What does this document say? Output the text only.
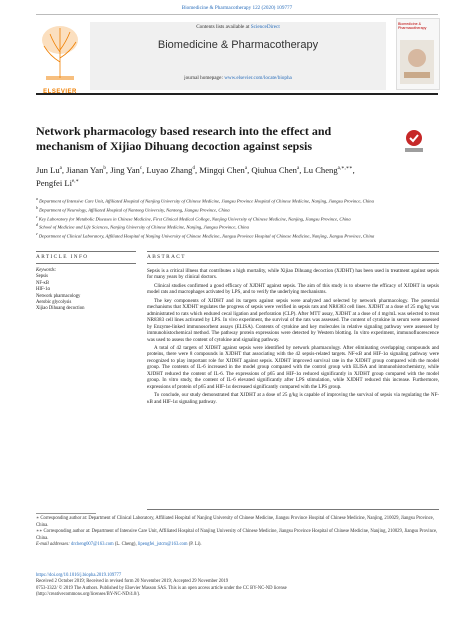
Biomedicine & Pharmacotherapy 122 (2020) 109777
ELSEVIER
Contents lists available at ScienceDirect
Biomedicine & Pharmacotherapy
journal homepage: www.elsevier.com/locate/biopha
Biomedicine & Pharmacotherapy
Network pharmacology based research into the effect and mechanism of Xijiao Dihuang decoction against sepsis
Jun Lu$^a$, Jianan Yan$^b$, Jing Yan$^c$, Luyao Zhang$^d$, Mingqi Chen$^a$, Qiuhua Chen$^a$, Lu Cheng$^{a,∗,∗∗}$,
Pengfei $Li^{e,∗}$

$^a$ Department of Intensive Care Unit, Affiliated Hospital of Nanjing University of Chinese Medicine, Jiangsu Province Hospital of Chinese Medicine, Nanjing, Jiangsu Province, China

$^b$ Department of Neurology, Affiliated Hospital of Nantong University, Nantong, Jiangsu Province, China

$^c$ Key Laboratory for Metabolic Diseases in Chinese Medicine, First Clinical Medical College, Nanjing University of Chinese Medicine, Nanjing, Jiangsu Province, China

$^d$ School of Medicine and Life Sciences, Nanjing University of Chinese Medicine, Nanjing, Jiangsu Province, China

$^e$ Department of Clinical Laboratory, Affiliated Hospital of Nanjing University of Chinese Medicine, Jiangsu Province Hospital of Chinese Medicine, Nanjing, Jiangsu Province, China

ARTICLE INFO	ABSTRACT
Keywords:
Sepsis
NF-κB
HIF-1α
Network pharmacology
Aerobic glycolysis
Xijiao Dihuang decoction

Sepsis is a critical illness that contributes a high mortality, while Xijiao Dihuang decoction (XJDHT) has been used in treatment against sepsis for many years by clinical doctors.

Clinical studies confirmed a good efficacy of XJDHT against sepsis. The aim of this study is to observe the efficacy of XJDHT in sepsis model rats and macrophages activated by LPS, and to verify the underlying mechanisms.

The key components of XJDHT and its targets against sepsis were analyzed and selected by network pharmacology. The potential mechanisms that XJDHT regulates the progress of sepsis were verified in sepsis rats and NR8383 cell lines. XJDHT at a dose of 25 mg/kg was administrated to rats which endured cecal ligation and perforation (CLP). After MTT assay, XJDHT at a dose of 4 mg/mL was selected to treat NR8383 cell lines activated by LPS. In vivo experiment, the survival of the rats was assessed. The content of cytokine in serum were assessed by Enzyme-linked immunosorbent assays (ELISA). Contents of cytokine and key molecules in relative signaling pathway were assessed by immunohistochemical method. The pathway protein expressions were detected by Western blotting. In vitro experiment, immunofluorescence was used to assess the content of cytokine and signaling pathway.

A total of 42 targets of XJDHT against sepsis were identified by network pharmacology. After eliminating overlapping compounds and proteins, there were 8 compounds in XJDHT that associating with the 42 sepsis-related targets. NF-κB and HIF-1α signaling pathway were recognized to play important role for XJDHT against sepsis. XJDHT improved survival rate in the XJDHT group compared with the model group. The contents of IL-6 increased in the model group compared with the control group with ELISA and immunohistochemistry, while XJDHT reduced the content of IL-6. The expressions of p65 and HIF-1α reduced significantly in XJDHT group compared with the model group. In vitro study, the content of IL-6 elevated significantly after LPS stimulation, while XJDHT reduced this increase. Furthermore, expressions of protein of p65 and HIF-1α decreased significantly compared with the LPS group.

To conclude, our study demonstrated that XJDHT at a dose of 25 g/kg is capable of improving the survival of sepsis via regulating the NF-κB and HIF-1α signaling pathway.

∗ Corresponding author at: Department of Clinical Laboratory, Affiliated Hospital of Nanjing University of Chinese Medicine, Jiangsu Province Hospital of Chinese Medicine, Nanjing, 210029, Jiangsu Province, China.

∗∗ Corresponding author at: Department of Intensive Care Unit, Affiliated Hospital of Nanjing University of Chinese Medicine, Jiangsu Province Hospital of Chinese Medicine, Nanjing, 210029, Jiangsu Province, China.

E-mail addresses: drcheng007@163.com (L. Cheng), lipengfei_jstcm@163.com (P. Li).

https://doi.org/10.1016/j.biopha.2019.109777

Received 2 October 2019; Received in revised form 20 November 2019; Accepted 29 November 2019

0753-3322/ © 2019 The Authors. Published by Elsevier Masson SAS. This is an open access article under the CC BY-NC-ND license

(http://creativecommons.org/licenses/BY-NC-ND/4.0/).
